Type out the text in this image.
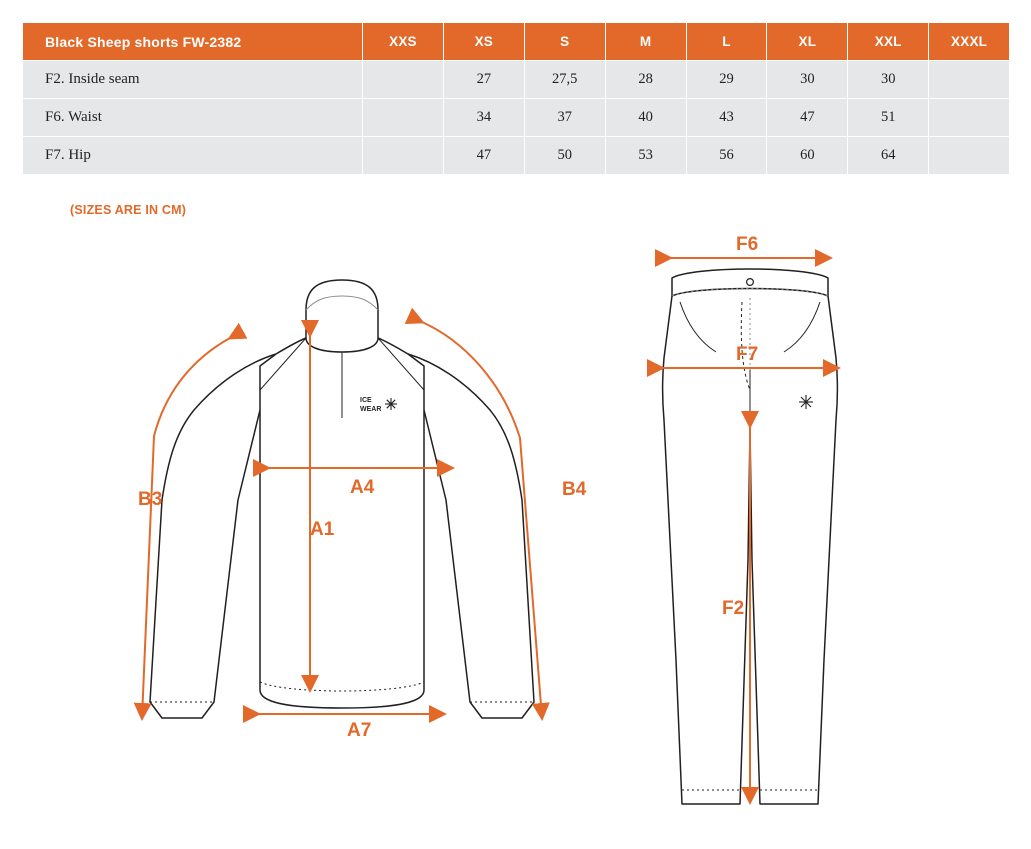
Black Sheep shorts FW-2382	XXS	XS	S	M	L	XL	XXL	XXXL
F2. Inside seam		27	27,5	28	29	30	30	
F6. Waist		34	37	40	43	47	51	
F7. Hip		47	50	53	56	60	64	
(SIZES ARE IN CM)
ICE
WEAR
B3	B4
A4
A1
A7
F6
F7
F2
